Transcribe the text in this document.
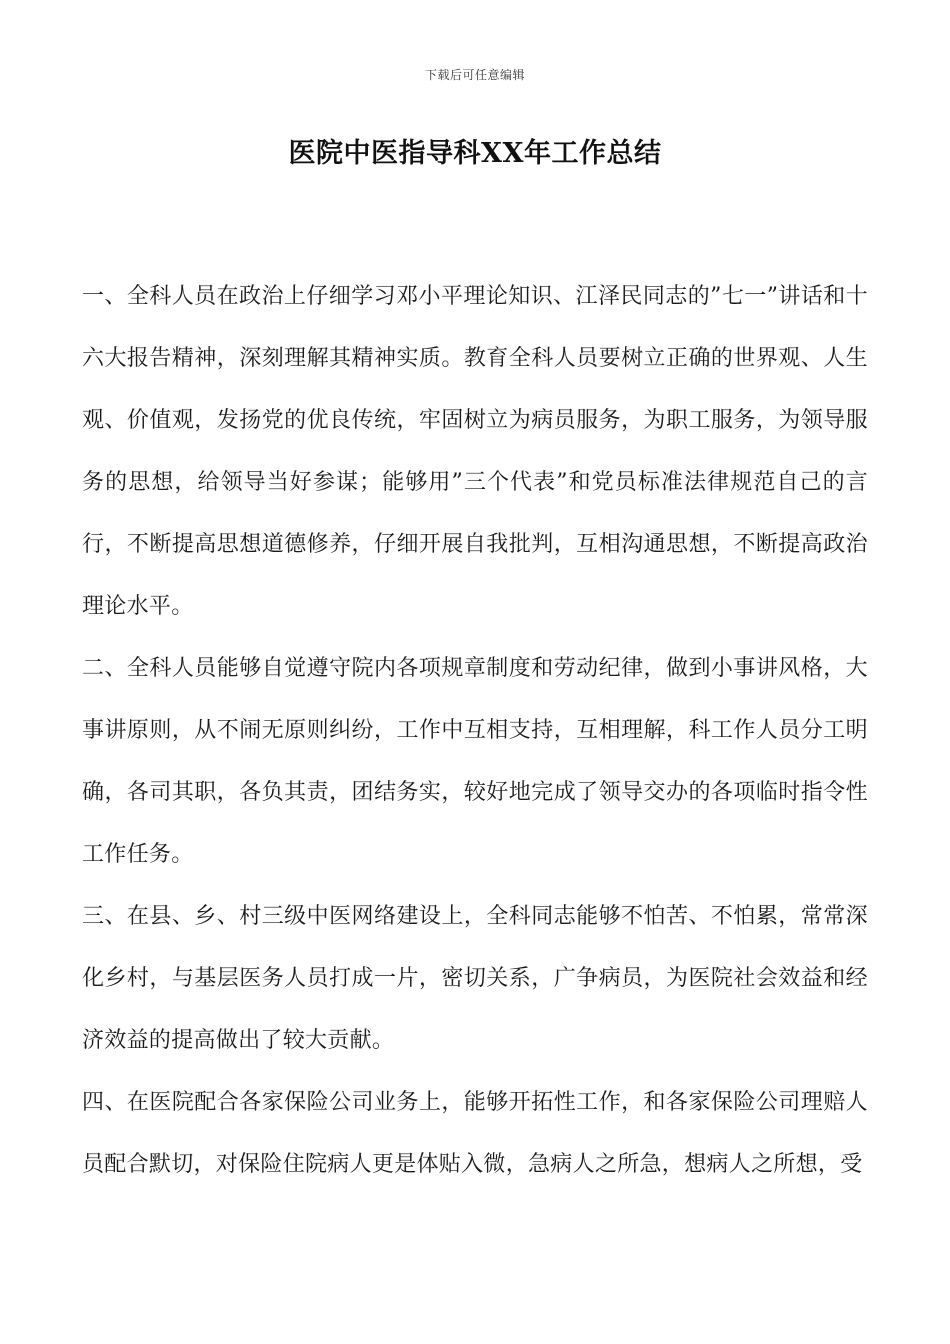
下载后可任意编辑
医院中医指导科XX年工作总结

一、全科人员在政治上仔细学习邓小平理论知识、江泽民同志的”七一”讲话和十六大报告精神，深刻理解其精神实质。教育全科人员要树立正确的世界观、人生观、价值观，发扬党的优良传统，牢固树立为病员服务，为职工服务，为领导服务的思想，给领导当好参谋；能够用”三个代表”和党员标准法律规范自己的言行，不断提高思想道德修养，仔细开展自我批判，互相沟通思想，不断提高政治理论水平。

二、全科人员能够自觉遵守院内各项规章制度和劳动纪律，做到小事讲风格，大事讲原则，从不闹无原则纠纷，工作中互相支持，互相理解，科工作人员分工明确，各司其职，各负其责，团结务实，较好地完成了领导交办的各项临时指令性工作任务。

三、在县、乡、村三级中医网络建设上，全科同志能够不怕苦、不怕累，常常深化乡村，与基层医务人员打成一片，密切关系，广争病员，为医院社会效益和经济效益的提高做出了较大贡献。

四、在医院配合各家保险公司业务上，能够开拓性工作，和各家保险公司理赔人员配合默切，对保险住院病人更是体贴入微，急病人之所急，想病人之所想，受
